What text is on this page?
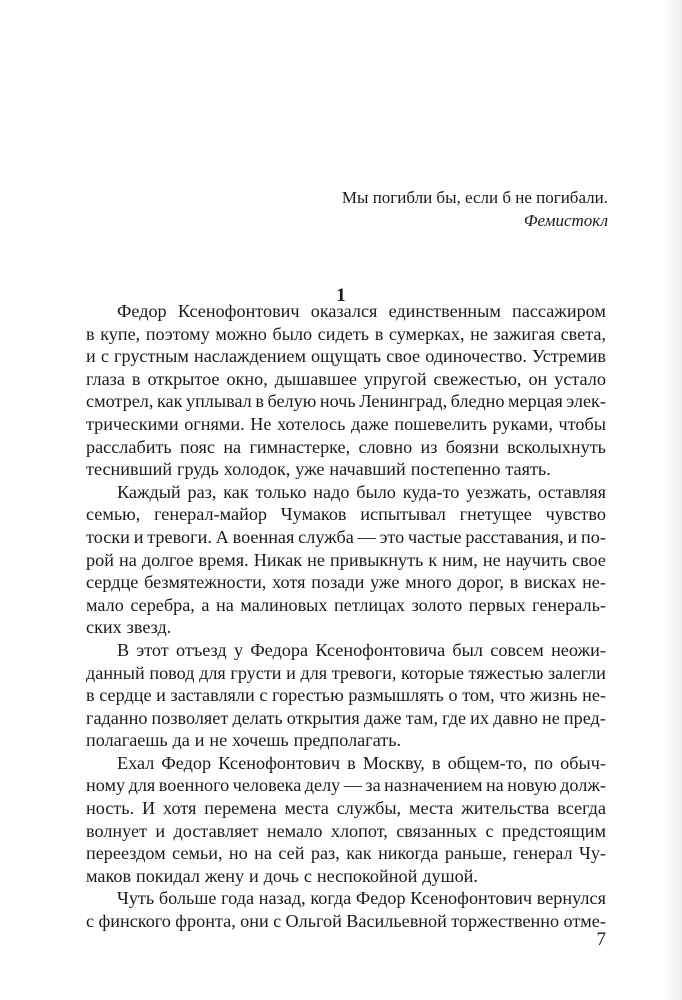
Мы погибли бы, если б не погибали.
Фемистокл
1
Федор Ксенофонтович оказался единственным пассажиром
в купе, поэтому можно было сидеть в сумерках, не зажигая света,
и с грустным наслаждением ощущать свое одиночество. Устремив
глаза в открытое окно, дышавшее упругой свежестью, он устало
смотрел, как уплывал в белую ночь Ленинград, бледно мерцая элек-
трическими огнями. Не хотелось даже пошевелить руками, чтобы
расслабить пояс на гимнастерке, словно из боязни всколыхнуть
теснивший грудь холодок, уже начавший постепенно таять.
Каждый раз, как только надо было куда-то уезжать, оставляя
семью, генерал-майор Чумаков испытывал гнетущее чувство
тоски и тревоги. А военная служба — это частые расставания, и по-
рой на долгое время. Никак не привыкнуть к ним, не научить свое
сердце безмятежности, хотя позади уже много дорог, в висках не-
мало серебра, а на малиновых петлицах золото первых генераль-
ских звезд.
В этот отъезд у Федора Ксенофонтовича был совсем неожи-
данный повод для грусти и для тревоги, которые тяжестью залегли
в сердце и заставляли с горестью размышлять о том, что жизнь не-
гаданно позволяет делать открытия даже там, где их давно не пред-
полагаешь да и не хочешь предполагать.
Ехал Федор Ксенофонтович в Москву, в общем-то, по обыч-
ному для военного человека делу — за назначением на новую долж-
ность. И хотя перемена места службы, места жительства всегда
волнует и доставляет немало хлопот, связанных с предстоящим
переездом семьи, но на сей раз, как никогда раньше, генерал Чу-
маков покидал жену и дочь с неспокойной душой.
Чуть больше года назад, когда Федор Ксенофонтович вернулся
с финского фронта, они с Ольгой Васильевной торжественно отме-
7
